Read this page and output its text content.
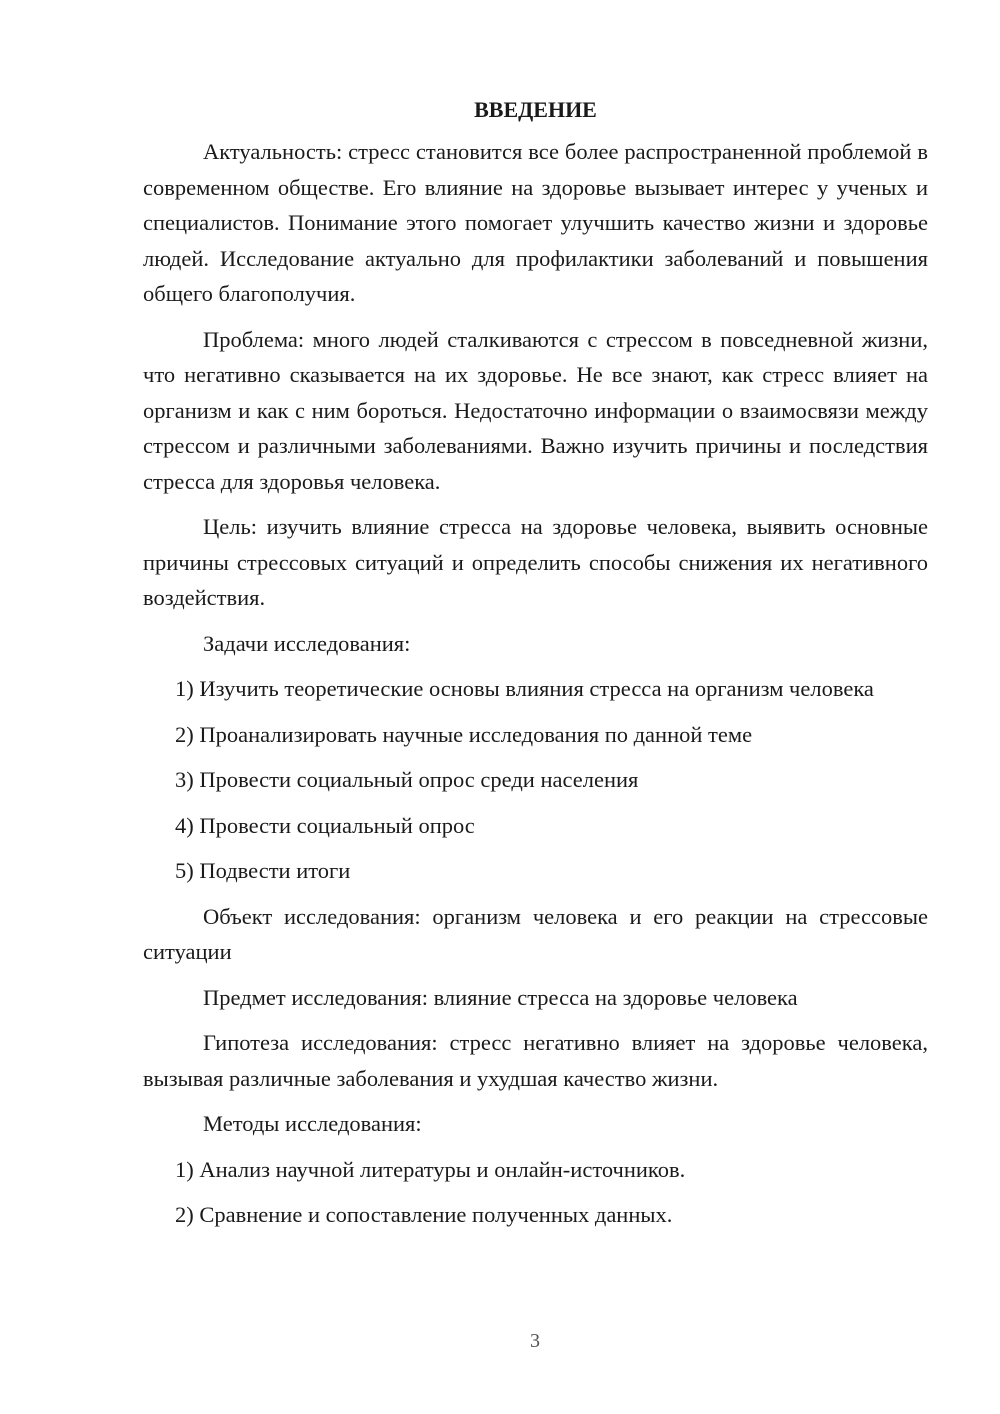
ВВЕДЕНИЕ

Актуальность: стресс становится все более распространенной проблемой в современном обществе. Его влияние на здоровье вызывает интерес у ученых и специалистов. Понимание этого помогает улучшить качество жизни и здоровье людей. Исследование актуально для профилактики заболеваний и повышения общего благополучия.

Проблема: много людей сталкиваются с стрессом в повседневной жизни, что негативно сказывается на их здоровье. Не все знают, как стресс влияет на организм и как с ним бороться. Недостаточно информации о взаимосвязи между стрессом и различными заболеваниями. Важно изучить причины и последствия стресса для здоровья человека.

Цель: изучить влияние стресса на здоровье человека, выявить основные причины стрессовых ситуаций и определить способы снижения их негативного воздействия.

Задачи исследования:

1) Изучить теоретические основы влияния стресса на организм человека

2) Проанализировать научные исследования по данной теме

3) Провести социальный опрос среди населения

4) Провести социальный опрос

5) Подвести итоги

Объект исследования: организм человека и его реакции на стрессовые ситуации

Предмет исследования: влияние стресса на здоровье человека

Гипотеза исследования: стресс негативно влияет на здоровье человека, вызывая различные заболевания и ухудшая качество жизни.

Методы исследования:

1) Анализ научной литературы и онлайн-источников.

2) Сравнение и сопоставление полученных данных.

3
